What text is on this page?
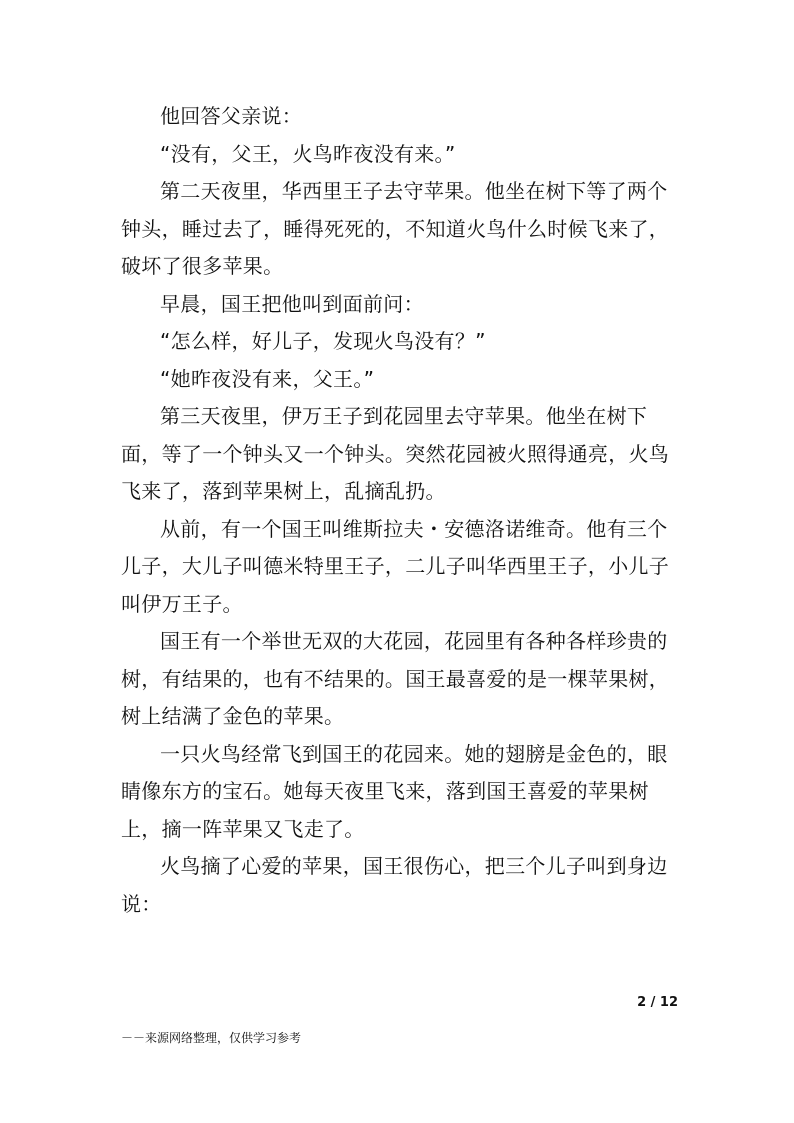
他回答父亲说：

“没有，父王，火鸟昨夜没有来。”

第二天夜里，华西里王子去守苹果。他坐在树下等了两个钟头，睡过去了，睡得死死的，不知道火鸟什么时候飞来了，破坏了很多苹果。

早晨，国王把他叫到面前问：

“怎么样，好儿子，发现火鸟没有？”

“她昨夜没有来，父王。”

第三天夜里，伊万王子到花园里去守苹果。他坐在树下面，等了一个钟头又一个钟头。突然花园被火照得通亮，火鸟飞来了，落到苹果树上，乱摘乱扔。

从前，有一个国王叫维斯拉夫・安德洛诺维奇。他有三个儿子，大儿子叫德米特里王子，二儿子叫华西里王子，小儿子叫伊万王子。

国王有一个举世无双的大花园，花园里有各种各样珍贵的树，有结果的，也有不结果的。国王最喜爱的是一棵苹果树，树上结满了金色的苹果。

一只火鸟经常飞到国王的花园来。她的翅膀是金色的，眼睛像东方的宝石。她每天夜里飞来，落到国王喜爱的苹果树上，摘一阵苹果又飞走了。

火鸟摘了心爱的苹果，国王很伤心，把三个儿子叫到身边说：

2 / 12
－－来源网络整理，仅供学习参考
